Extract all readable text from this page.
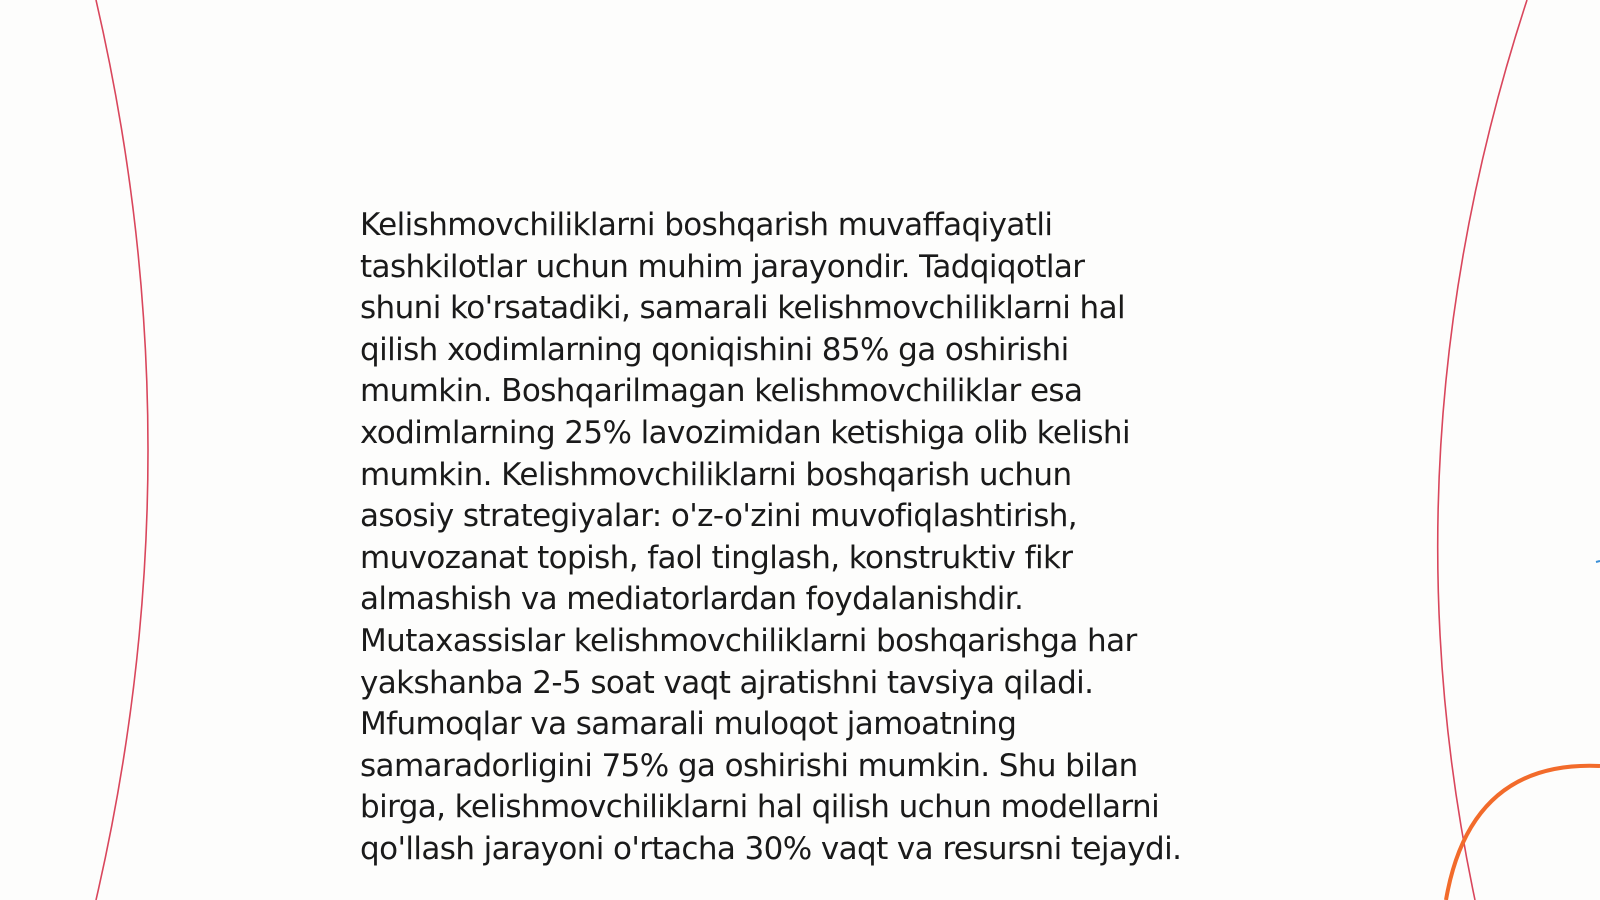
Kelishmovchiliklarni boshqarish muvaffaqiyatli
tashkilotlar uchun muhim jarayondir. Tadqiqotlar
shuni ko'rsatadiki, samarali kelishmovchiliklarni hal
qilish xodimlarning qoniqishini 85% ga oshirishi
mumkin. Boshqarilmagan kelishmovchiliklar esa
xodimlarning 25% lavozimidan ketishiga olib kelishi
mumkin. Kelishmovchiliklarni boshqarish uchun
asosiy strategiyalar: o'z-o'zini muvofiqlashtirish,
muvozanat topish, faol tinglash, konstruktiv fikr
almashish va mediatorlardan foydalanishdir.
Mutaxassislar kelishmovchiliklarni boshqarishga har
yakshanba 2-5 soat vaqt ajratishni tavsiya qiladi.
Mfumoqlar va samarali muloqot jamoatning
samaradorligini 75% ga oshirishi mumkin. Shu bilan
birga, kelishmovchiliklarni hal qilish uchun modellarni
qo'llash jarayoni o'rtacha 30% vaqt va resursni tejaydi.
